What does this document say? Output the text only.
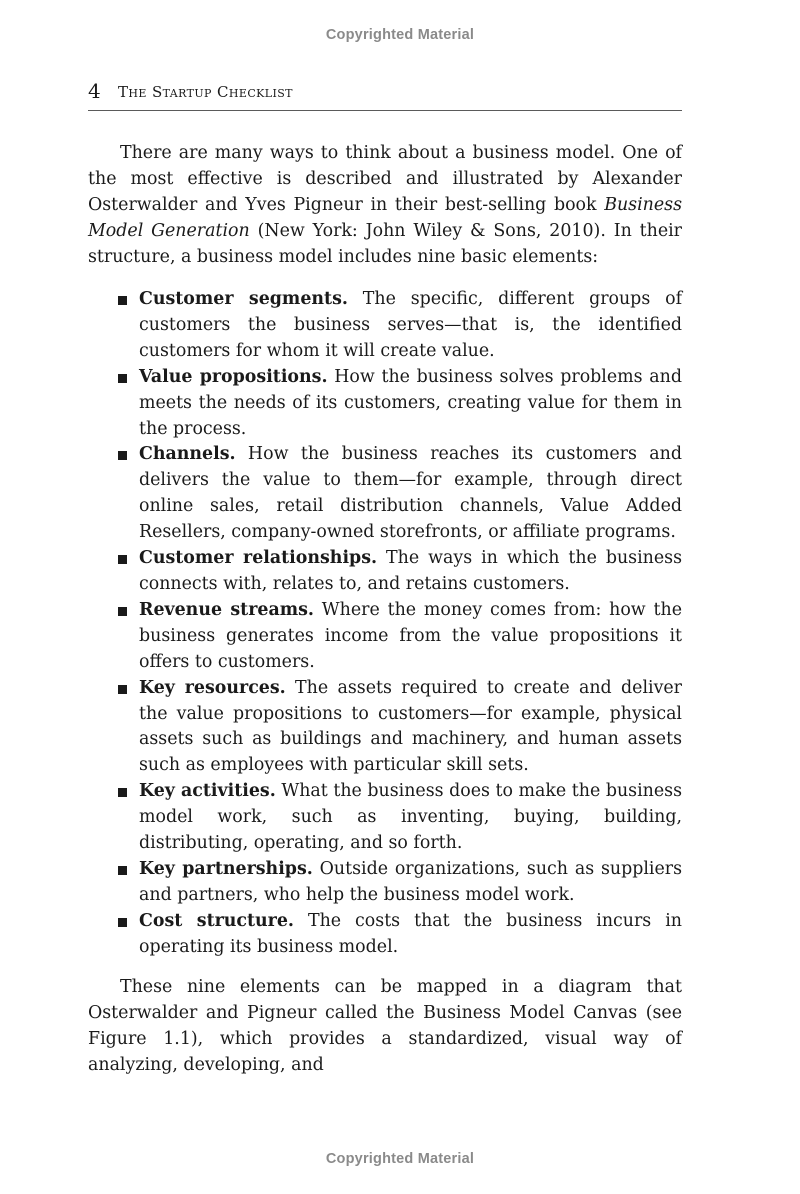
Copyrighted Material
4 The Startup Checklist

There are many ways to think about a business model. One of the most effective is described and illustrated by Alexander Osterwalder and Yves Pigneur in their best-selling book Business Model Generation (New York: John Wiley & Sons, 2010). In their structure, a business model includes nine basic elements:

Customer segments. The specific, different groups of customers the business serves—that is, the identified customers for whom it will create value.
Value propositions. How the business solves problems and meets the needs of its customers, creating value for them in the process.
Channels. How the business reaches its customers and delivers the value to them—for example, through direct online sales, retail distribution channels, Value Added Resellers, company-owned storefronts, or affiliate programs.
Customer relationships. The ways in which the business connects with, relates to, and retains customers.
Revenue streams. Where the money comes from: how the business generates income from the value propositions it offers to customers.
Key resources. The assets required to create and deliver the value propositions to customers—for example, physical assets such as buildings and machinery, and human assets such as employees with particular skill sets.
Key activities. What the business does to make the business model work, such as inventing, buying, building, distributing, operating, and so forth.
Key partnerships. Outside organizations, such as suppliers and partners, who help the business model work.
Cost structure. The costs that the business incurs in operating its business model.

These nine elements can be mapped in a diagram that Osterwalder and Pigneur called the Business Model Canvas (see Figure 1.1), which provides a standardized, visual way of analyzing, developing, and

Copyrighted Material
